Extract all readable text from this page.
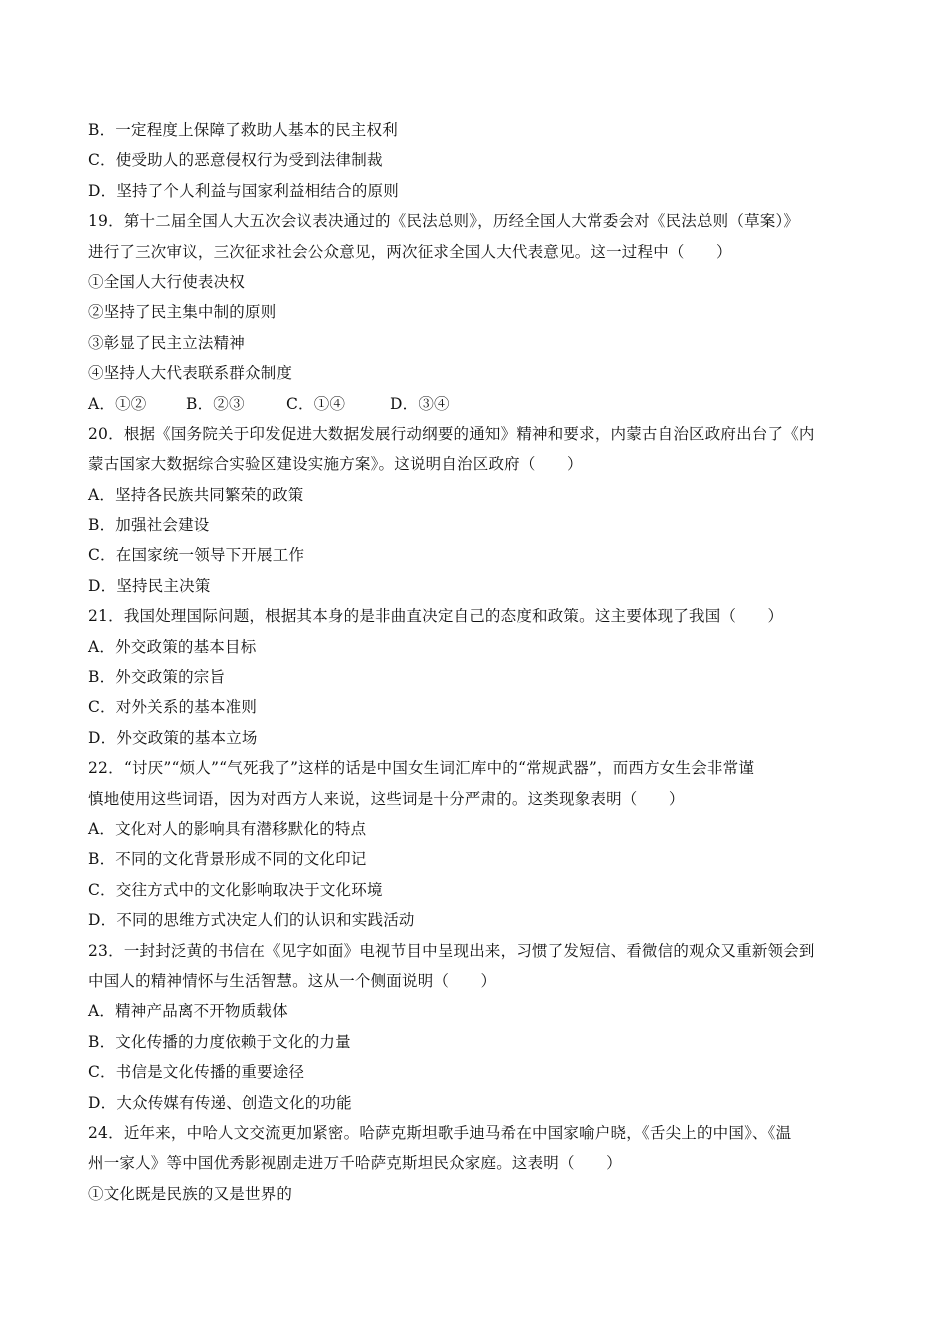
B．一定程度上保障了救助人基本的民主权利
C．使受助人的恶意侵权行为受到法律制裁
D．坚持了个人利益与国家利益相结合的原则
19．第十二届全国人大五次会议表决通过的《民法总则》，历经全国人大常委会对《民法总则（草案）》
进行了三次审议，三次征求社会公众意见，两次征求全国人大代表意见。这一过程中（　　）
①全国人大行使表决权
②坚持了民主集中制的原则
③彰显了民主立法精神
④坚持人大代表联系群众制度
A．①②	B．②③	C．①④	D．③④
20．根据《国务院关于印发促进大数据发展行动纲要的通知》精神和要求，内蒙古自治区政府出台了《内
蒙古国家大数据综合实验区建设实施方案》。这说明自治区政府（　　）
A．坚持各民族共同繁荣的政策
B．加强社会建设
C．在国家统一领导下开展工作
D．坚持民主决策
21．我国处理国际问题，根据其本身的是非曲直决定自己的态度和政策。这主要体现了我国（　　）
A．外交政策的基本目标
B．外交政策的宗旨
C．对外关系的基本准则
D．外交政策的基本立场
22．“讨厌”“烦人”“气死我了”这样的话是中国女生词汇库中的“常规武器”，而西方女生会非常谨
慎地使用这些词语，因为对西方人来说，这些词是十分严肃的。这类现象表明（　　）
A．文化对人的影响具有潜移默化的特点
B．不同的文化背景形成不同的文化印记
C．交往方式中的文化影响取决于文化环境
D．不同的思维方式决定人们的认识和实践活动
23．一封封泛黄的书信在《见字如面》电视节目中呈现出来，习惯了发短信、看微信的观众又重新领会到
中国人的精神情怀与生活智慧。这从一个侧面说明（　　）
A．精神产品离不开物质载体
B．文化传播的力度依赖于文化的力量
C．书信是文化传播的重要途径
D．大众传媒有传递、创造文化的功能
24．近年来，中哈人文交流更加紧密。哈萨克斯坦歌手迪马希在中国家喻户晓，《舌尖上的中国》、《温
州一家人》等中国优秀影视剧走进万千哈萨克斯坦民众家庭。这表明（　　）
①文化既是民族的又是世界的
